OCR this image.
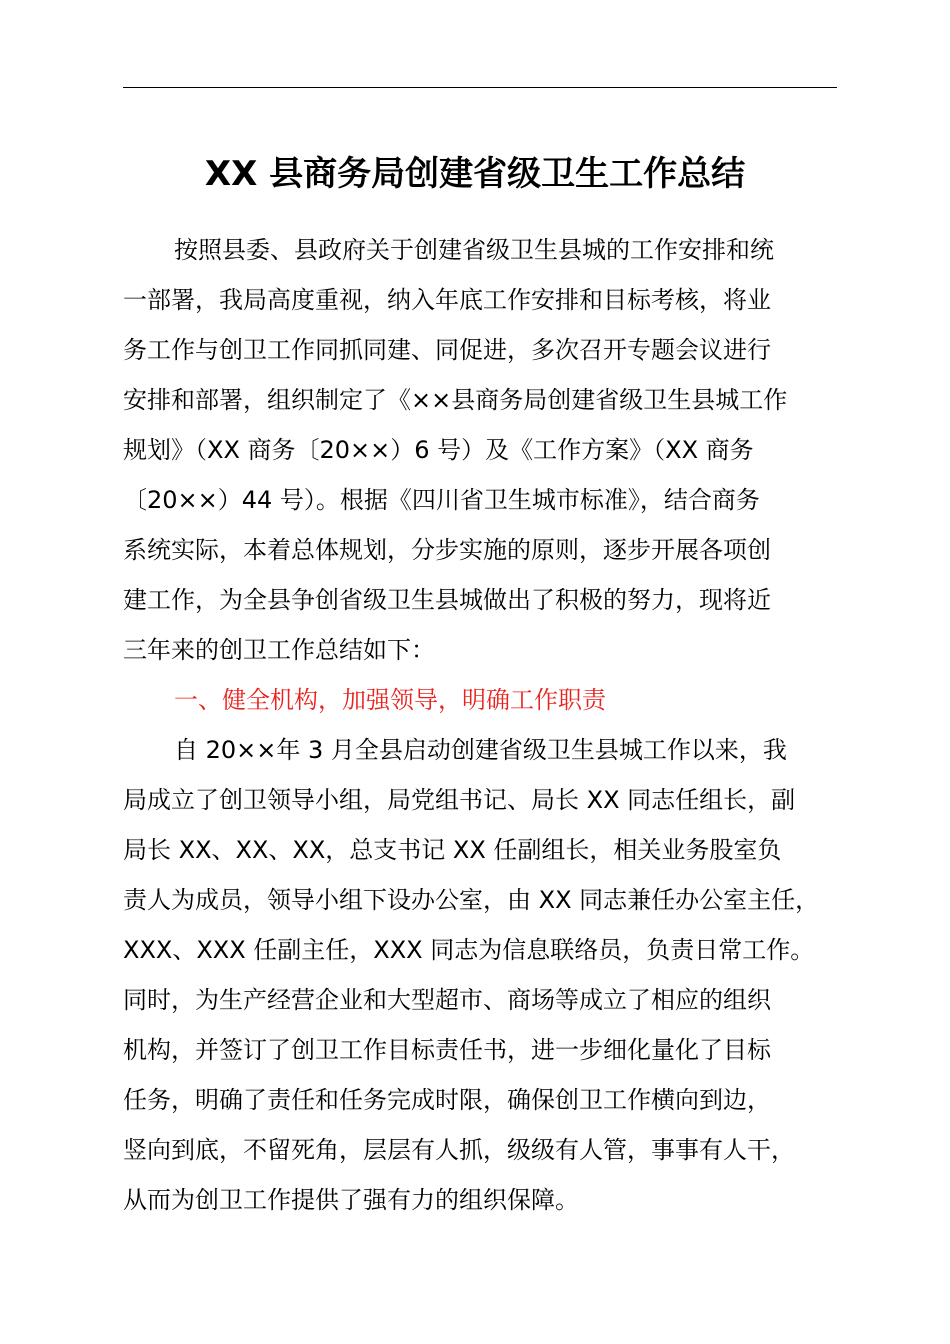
XX 县商务局创建省级卫生工作总结
按照县委、县政府关于创建省级卫生县城的工作安排和统
一部署，我局高度重视，纳入年底工作安排和目标考核，将业
务工作与创卫工作同抓同建、同促进，多次召开专题会议进行
安排和部署，组织制定了《××县商务局创建省级卫生县城工作
规划》（XX 商务〔20××）6 号）及《工作方案》（XX 商务
〔20××）44 号）。根据《四川省卫生城市标准》，结合商务
系统实际，本着总体规划，分步实施的原则，逐步开展各项创
建工作，为全县争创省级卫生县城做出了积极的努力，现将近
三年来的创卫工作总结如下：
一、健全机构，加强领导，明确工作职责
自 20××年 3 月全县启动创建省级卫生县城工作以来，我
局成立了创卫领导小组，局党组书记、局长 XX 同志任组长，副
局长 XX、XX、XX，总支书记 XX 任副组长，相关业务股室负
责人为成员，领导小组下设办公室，由 XX 同志兼任办公室主任，
XXX、XXX 任副主任，XXX 同志为信息联络员，负责日常工作。
同时，为生产经营企业和大型超市、商场等成立了相应的组织
机构，并签订了创卫工作目标责任书，进一步细化量化了目标
任务，明确了责任和任务完成时限，确保创卫工作横向到边，
竖向到底，不留死角，层层有人抓，级级有人管，事事有人干，
从而为创卫工作提供了强有力的组织保障。
